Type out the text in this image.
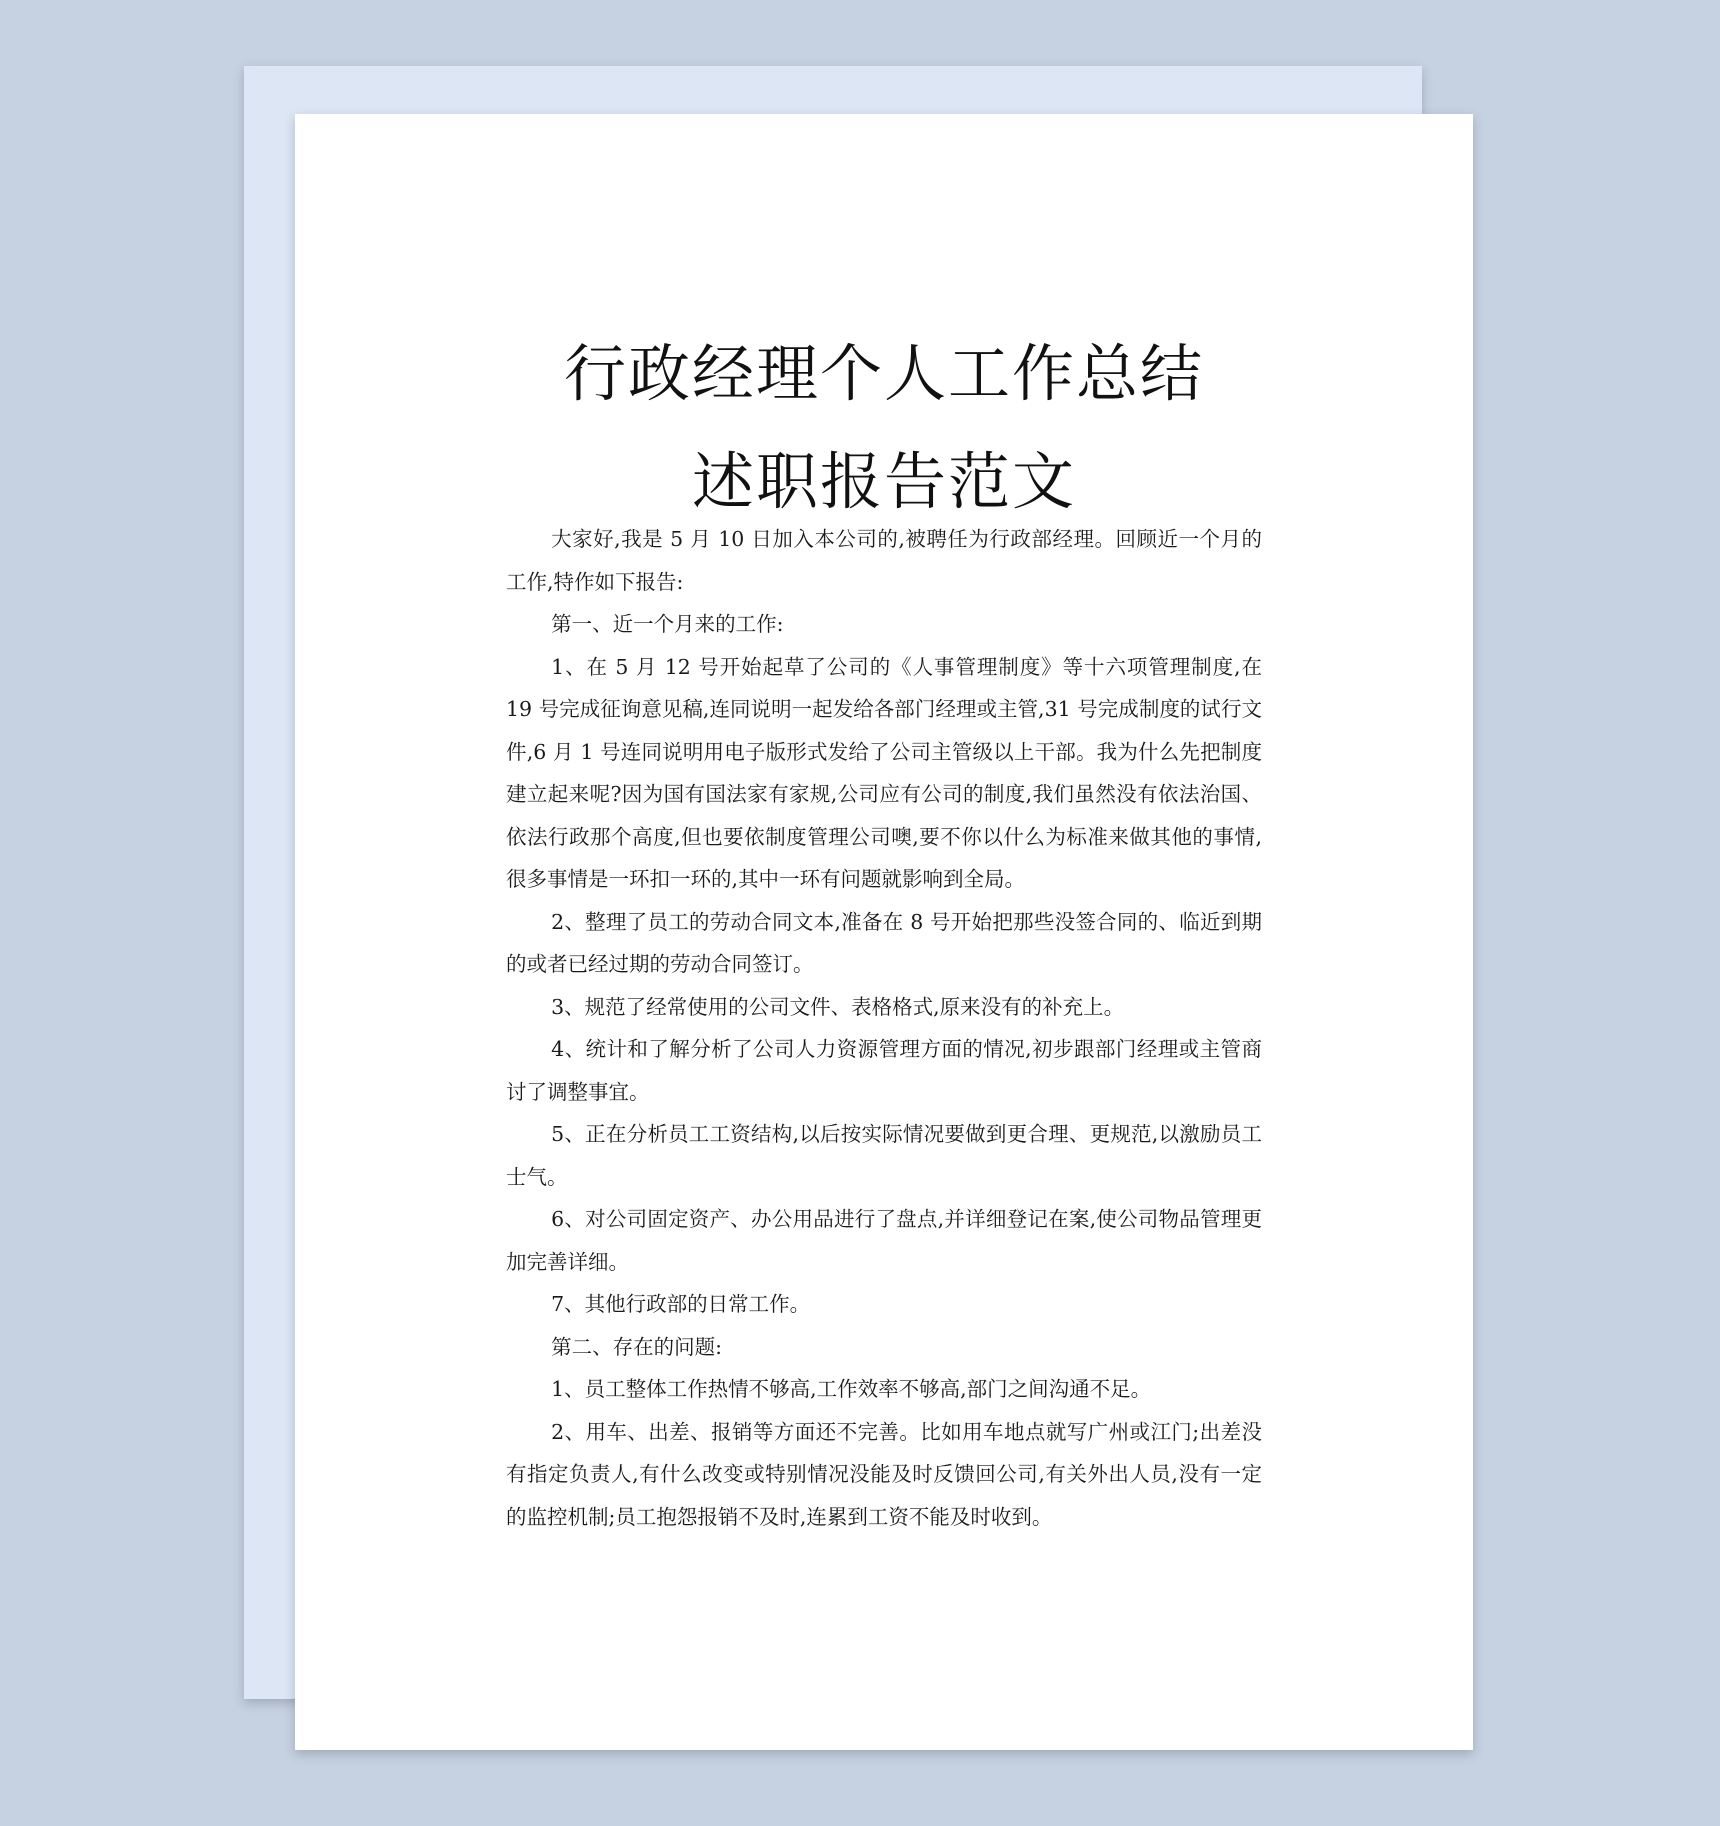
行政经理个人工作总结
述职报告范文

大家好,我是 5 月 10 日加入本公司的,被聘任为行政部经理。回顾近一个月的工作,特作如下报告:

第一、近一个月来的工作:

1、在 5 月 12 号开始起草了公司的《人事管理制度》等十六项管理制度,在 19 号完成征询意见稿,连同说明一起发给各部门经理或主管,31 号完成制度的试行文件,6 月 1 号连同说明用电子版形式发给了公司主管级以上干部。我为什么先把制度建立起来呢?因为国有国法家有家规,公司应有公司的制度,我们虽然没有依法治国、依法行政那个高度,但也要依制度管理公司噢,要不你以什么为标准来做其他的事情,很多事情是一环扣一环的,其中一环有问题就影响到全局。

2、整理了员工的劳动合同文本,准备在 8 号开始把那些没签合同的、临近到期的或者已经过期的劳动合同签订。

3、规范了经常使用的公司文件、表格格式,原来没有的补充上。

4、统计和了解分析了公司人力资源管理方面的情况,初步跟部门经理或主管商讨了调整事宜。

5、正在分析员工工资结构,以后按实际情况要做到更合理、更规范,以激励员工士气。

6、对公司固定资产、办公用品进行了盘点,并详细登记在案,使公司物品管理更加完善详细。

7、其他行政部的日常工作。

第二、存在的问题:

1、员工整体工作热情不够高,工作效率不够高,部门之间沟通不足。

2、用车、出差、报销等方面还不完善。比如用车地点就写广州或江门;出差没有指定负责人,有什么改变或特别情况没能及时反馈回公司,有关外出人员,没有一定的监控机制;员工抱怨报销不及时,连累到工资不能及时收到。
